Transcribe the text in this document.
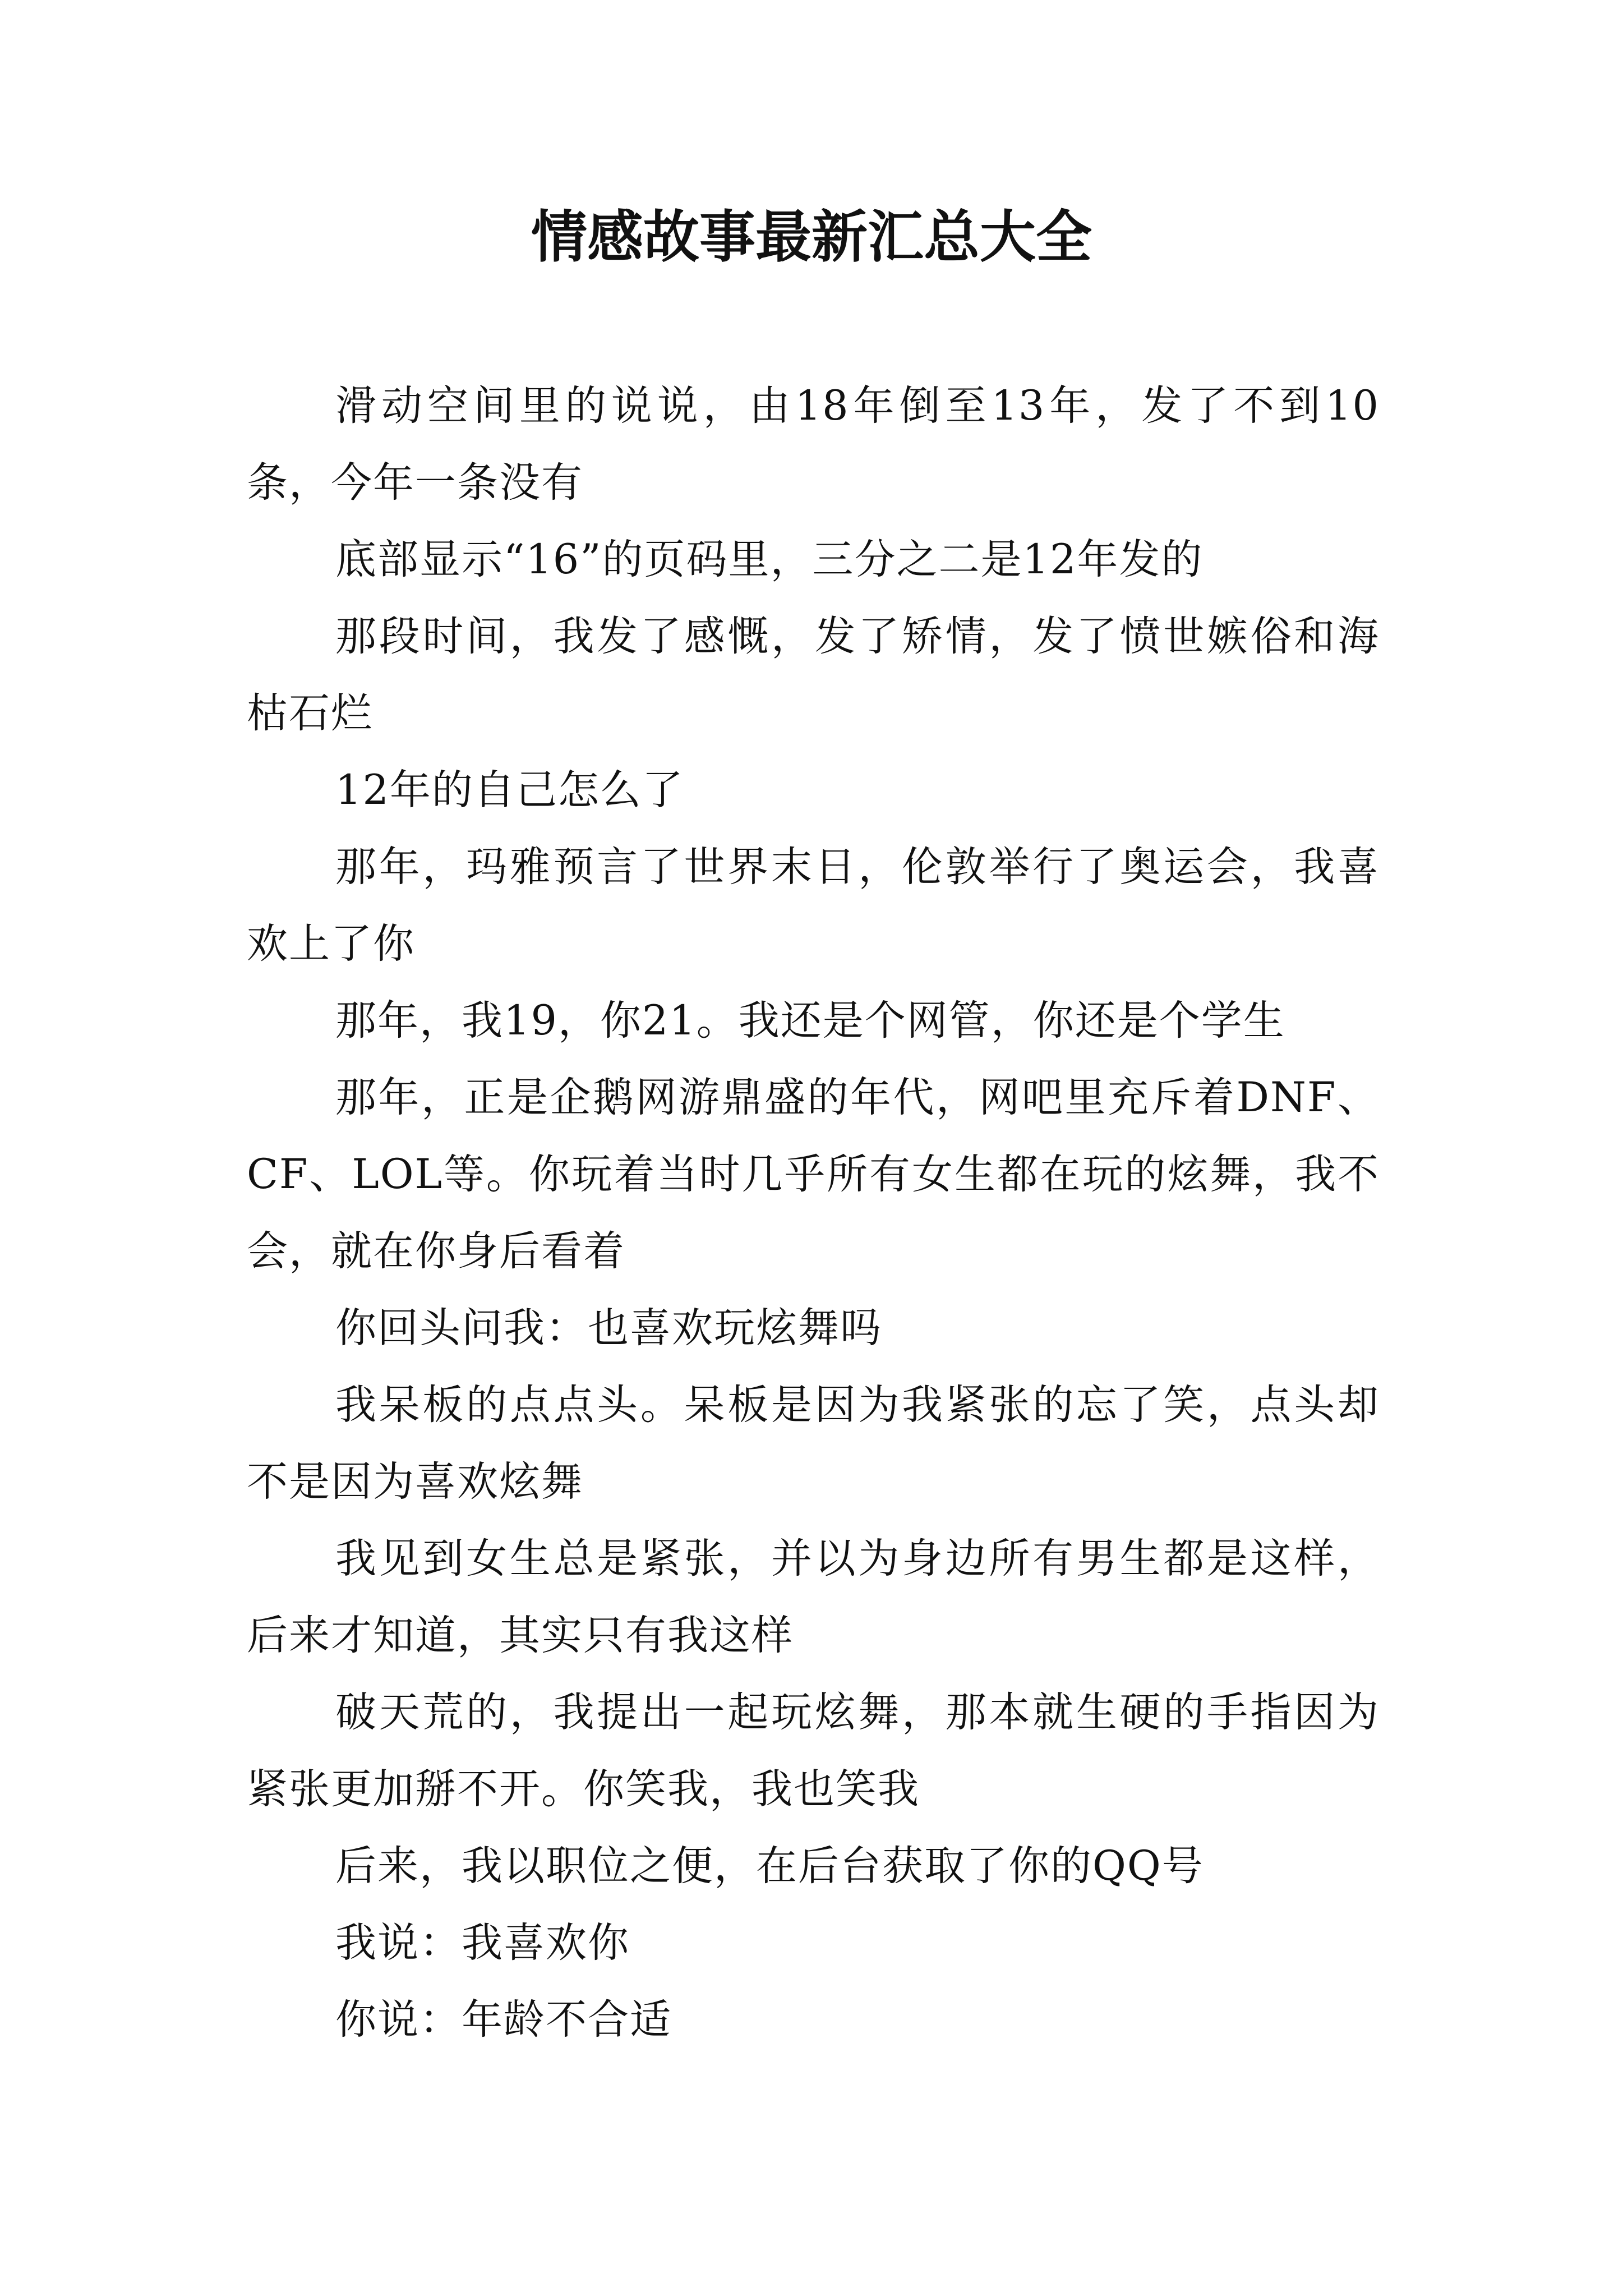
情感故事最新汇总大全

滑动空间里的说说，由18年倒至13年，发了不到10条，今年一条没有

底部显示“16”的页码里，三分之二是12年发的

那段时间，我发了感慨，发了矫情，发了愤世嫉俗和海枯石烂

12年的自己怎么了

那年，玛雅预言了世界末日，伦敦举行了奥运会，我喜欢上了你

那年，我19，你21。我还是个网管，你还是个学生

那年，正是企鹅网游鼎盛的年代，网吧里充斥着DNF、CF、LOL等。你玩着当时几乎所有女生都在玩的炫舞，我不会，就在你身后看着

你回头问我：也喜欢玩炫舞吗

我呆板的点点头。呆板是因为我紧张的忘了笑，点头却不是因为喜欢炫舞

我见到女生总是紧张，并以为身边所有男生都是这样，后来才知道，其实只有我这样

破天荒的，我提出一起玩炫舞，那本就生硬的手指因为紧张更加掰不开。你笑我，我也笑我

后来，我以职位之便，在后台获取了你的QQ号

我说：我喜欢你

你说：年龄不合适
